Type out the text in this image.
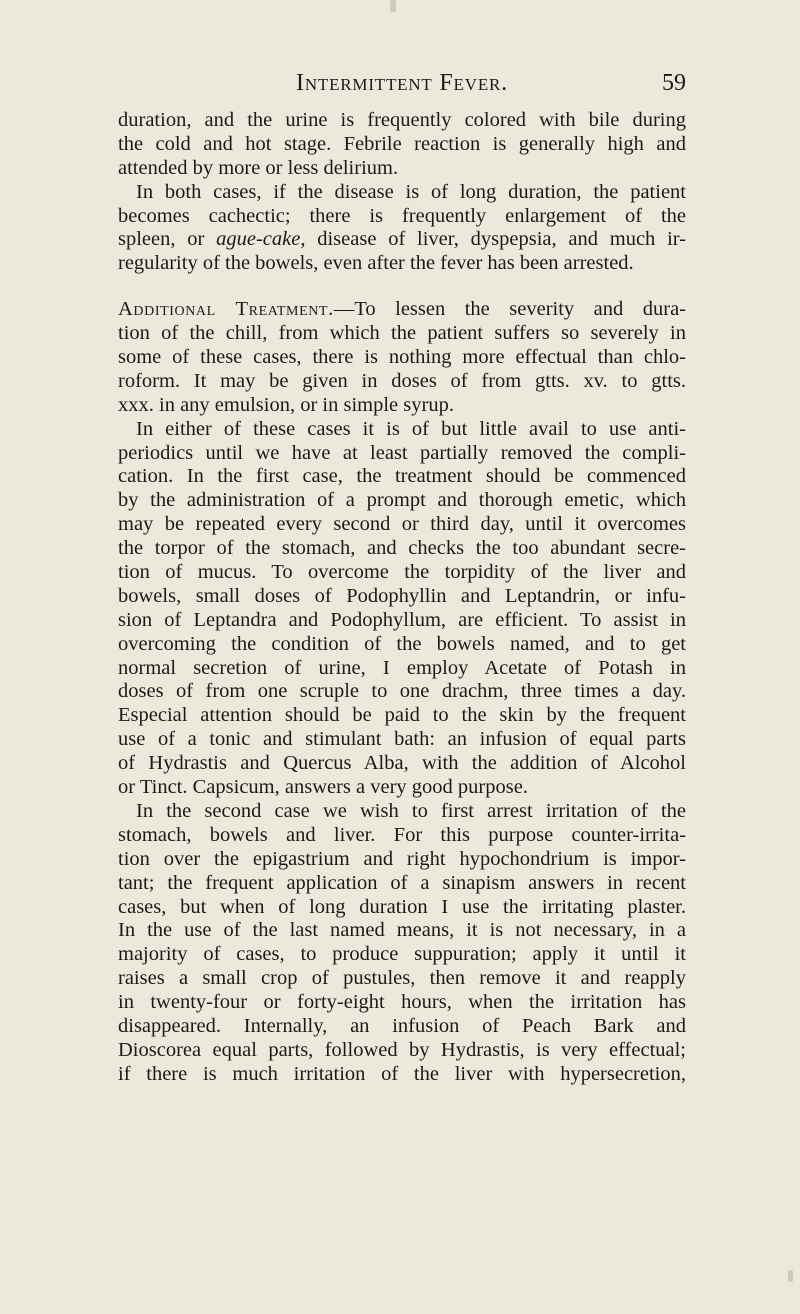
Intermittent Fever.	59
duration, and the urine is frequently colored with bile during
the cold and hot stage. Febrile reaction is generally high and
attended by more or less delirium.
In both cases, if the disease is of long duration, the patient
becomes cachectic; there is frequently enlargement of the
spleen, or ague-cake, disease of liver, dyspepsia, and much ir-
regularity of the bowels, even after the fever has been arrested.
Additional Treatment.—To lessen the severity and dura-
tion of the chill, from which the patient suffers so severely in
some of these cases, there is nothing more effectual than chlo-
roform. It may be given in doses of from gtts. xv. to gtts.
xxx. in any emulsion, or in simple syrup.
In either of these cases it is of but little avail to use anti-
periodics until we have at least partially removed the compli-
cation. In the first case, the treatment should be commenced
by the administration of a prompt and thorough emetic, which
may be repeated every second or third day, until it overcomes
the torpor of the stomach, and checks the too abundant secre-
tion of mucus. To overcome the torpidity of the liver and
bowels, small doses of Podophyllin and Leptandrin, or infu-
sion of Leptandra and Podophyllum, are efficient. To assist in
overcoming the condition of the bowels named, and to get
normal secretion of urine, I employ Acetate of Potash in
doses of from one scruple to one drachm, three times a day.
Especial attention should be paid to the skin by the frequent
use of a tonic and stimulant bath: an infusion of equal parts
of Hydrastis and Quercus Alba, with the addition of Alcohol
or Tinct. Capsicum, answers a very good purpose.
In the second case we wish to first arrest irritation of the
stomach, bowels and liver. For this purpose counter-irrita-
tion over the epigastrium and right hypochondrium is impor-
tant; the frequent application of a sinapism answers in recent
cases, but when of long duration I use the irritating plaster.
In the use of the last named means, it is not necessary, in a
majority of cases, to produce suppuration; apply it until it
raises a small crop of pustules, then remove it and reapply
in twenty-four or forty-eight hours, when the irritation has
disappeared. Internally, an infusion of Peach Bark and
Dioscorea equal parts, followed by Hydrastis, is very effectual;
if there is much irritation of the liver with hypersecretion,
